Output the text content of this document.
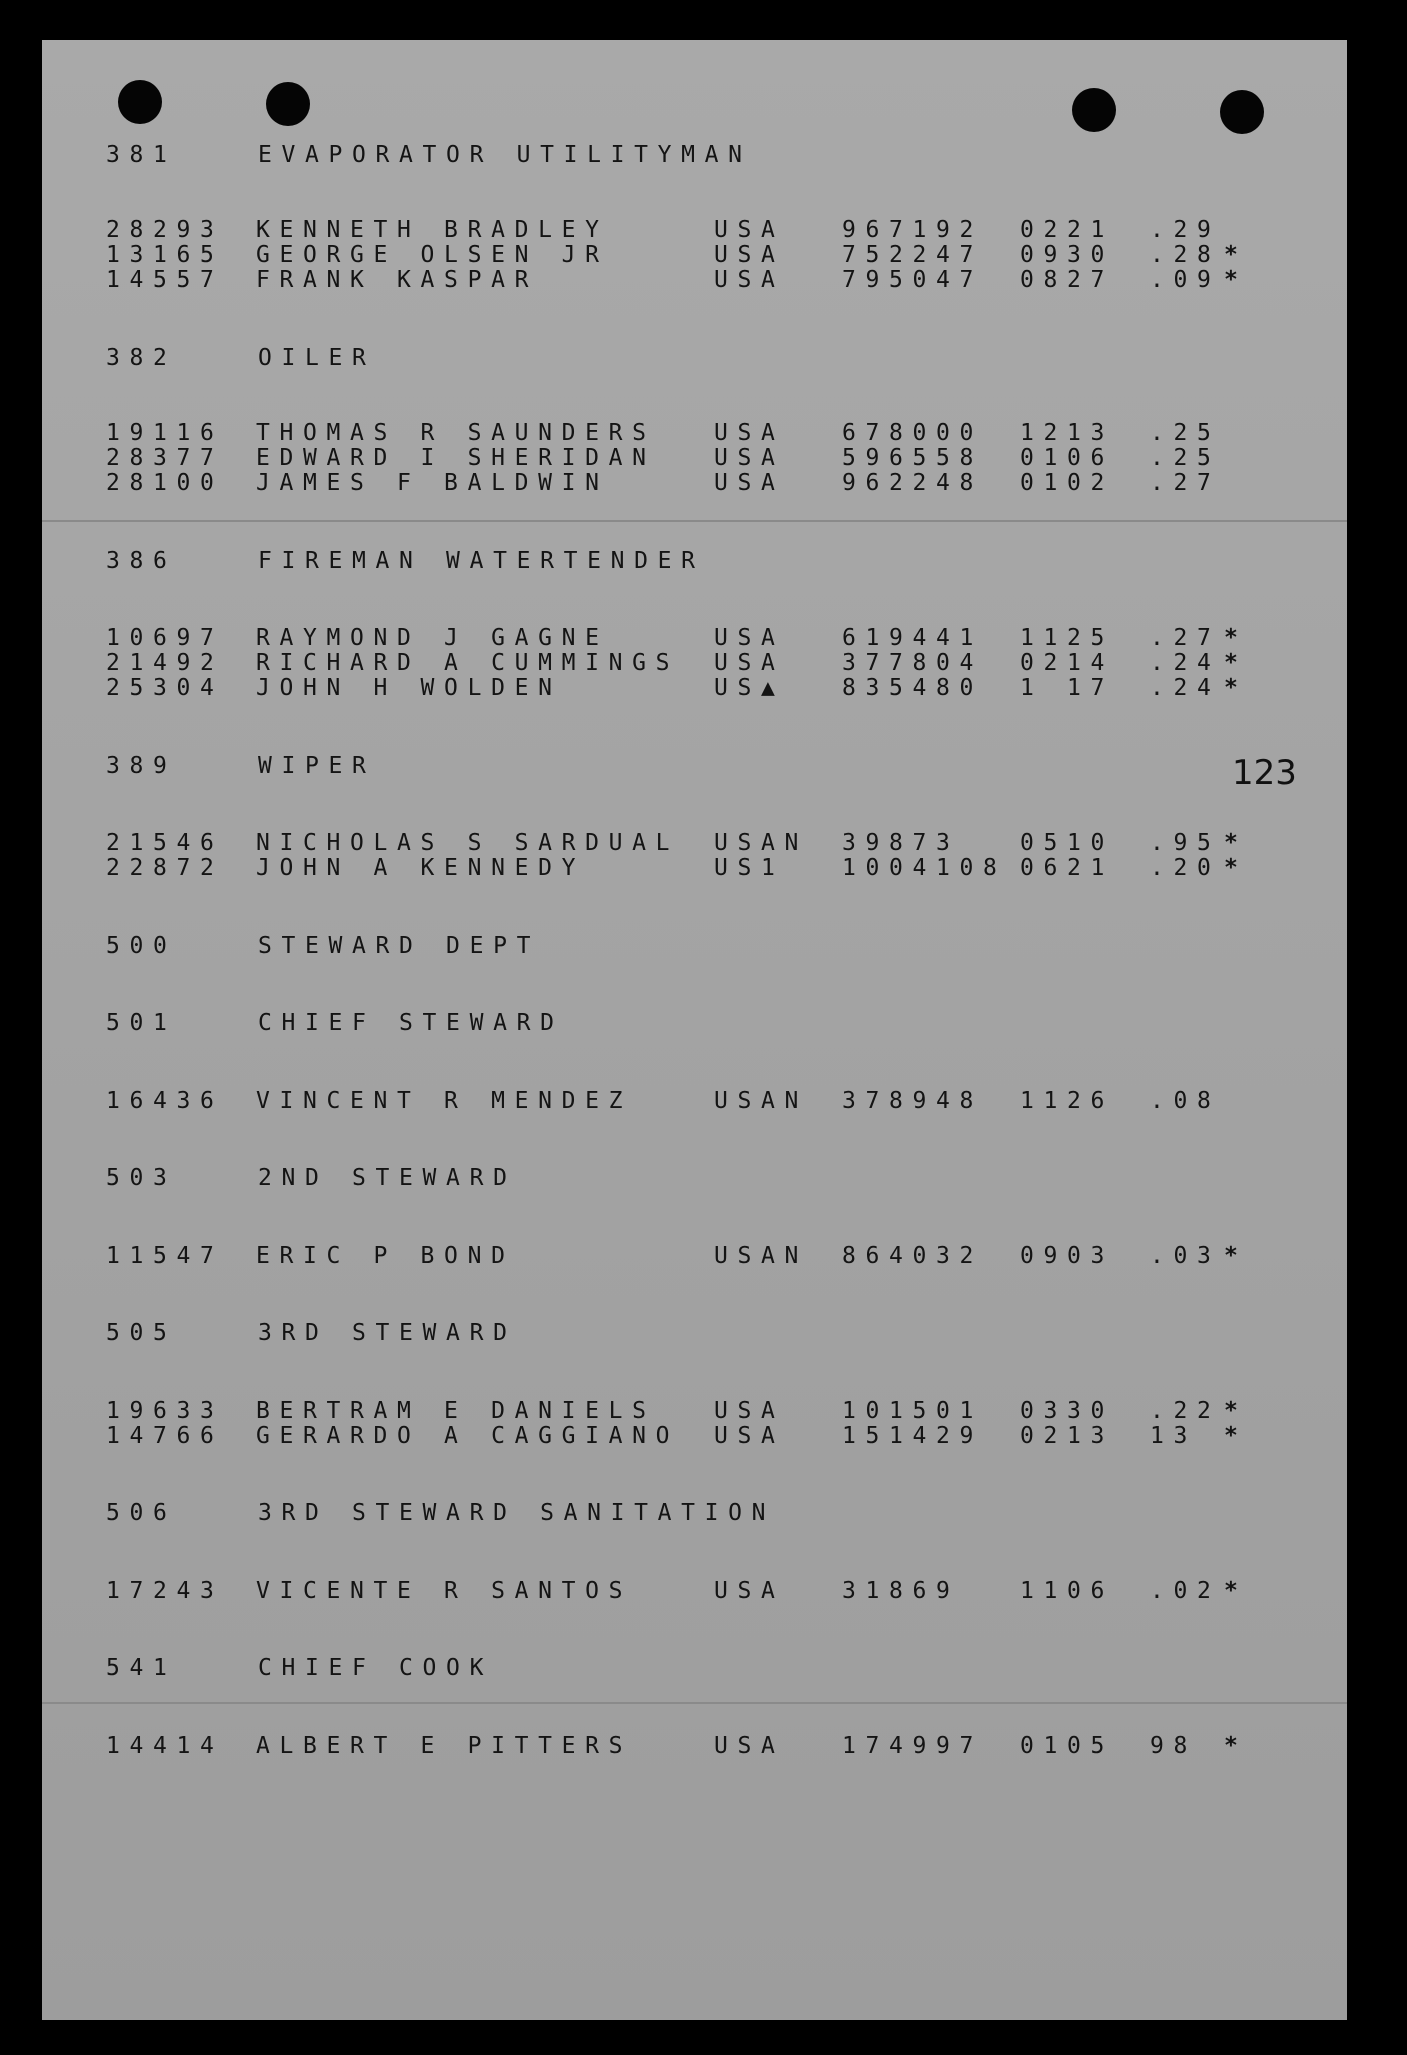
381	EVAPORATOR UTILITYMAN
28293 KENNETH BRADLEY	USA 967192 0221 .29
13165 GEORGE OLSEN JR	USA 752247 0930 .28 *
14557 FRANK KASPAR	USA 795047 0827 .09 *
382	OILER
19116 THOMAS R SAUNDERS	USA 678000 1213 .25
28377 EDWARD I SHERIDAN	USA 596558 0106 .25
28100 JAMES F BALDWIN	USA 962248 0102 .27
386	FIREMAN WATERTENDER
10697 RAYMOND J GAGNE	USA 619441 1125 .27 *
21492 RICHARD A CUMMINGS USA 377804 0214 .24 *
25304 JOHN H WOLDEN	US▲ 835480 1 17 .24 *
389	WIPER
21546 NICHOLAS S SARDUAL USAN 39873	0510 .95 *
22872 JOHN A KENNEDY	US1 1004108 0621 .20 *
500	STEWARD DEPT
501	CHIEF STEWARD
16436 VINCENT R MENDEZ	USAN 378948 1126 .08
503	2ND STEWARD
11547 ERIC P BOND	USAN 864032 0903 .03 *
505	3RD STEWARD
19633 BERTRAM E DANIELS	USA 101501 0330 .22 *
14766 GERARDO A CAGGIANO USA 151429 0213 13 *
506	3RD STEWARD SANITATION
17243 VICENTE R SANTOS	USA 31869	1106 .02 *
541	CHIEF COOK
14414 ALBERT E PITTERS	USA 174997 0105 98 *
123
